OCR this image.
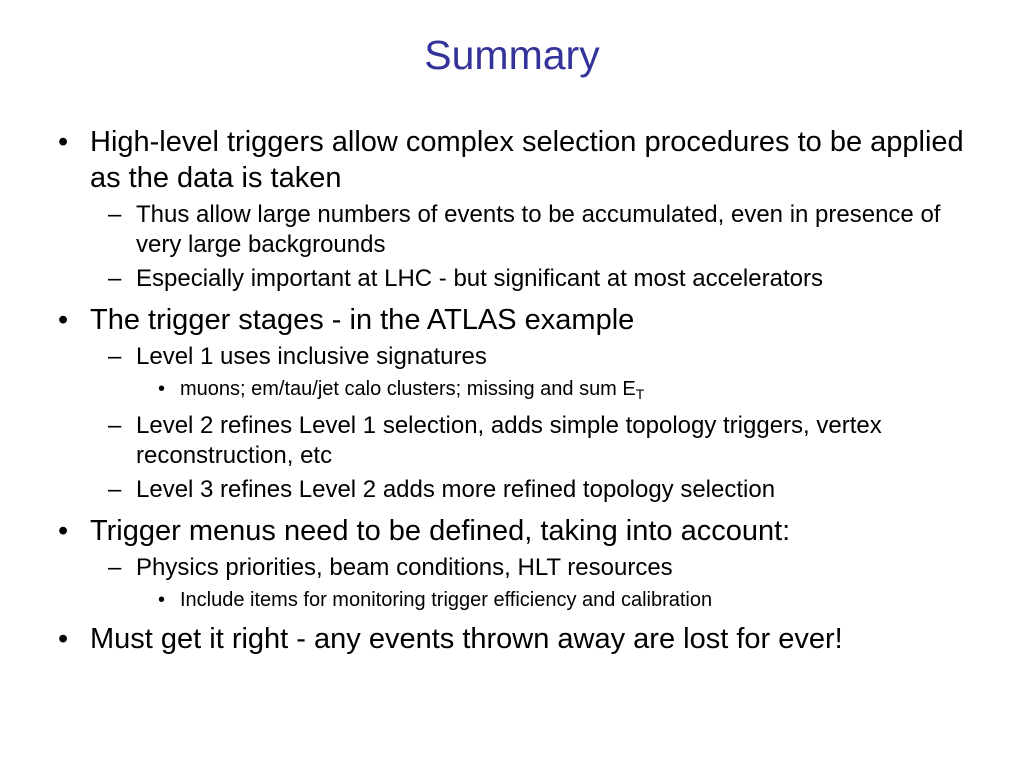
Summary
• High-level triggers allow complex selection procedures to be applied as the data is taken
– Thus allow large numbers of events to be accumulated, even in presence of very large backgrounds
– Especially important at LHC - but significant at most accelerators
• The trigger stages - in the ATLAS example
– Level 1 uses inclusive signatures
• muons; em/tau/jet calo clusters; missing and sum $E_T$
– Level 2 refines Level 1 selection, adds simple topology triggers, vertex reconstruction, etc
– Level 3 refines Level 2 adds more refined topology selection
• Trigger menus need to be defined, taking into account:
– Physics priorities, beam conditions, HLT resources
• Include items for monitoring trigger efficiency and calibration
• Must get it right - any events thrown away are lost for ever!
